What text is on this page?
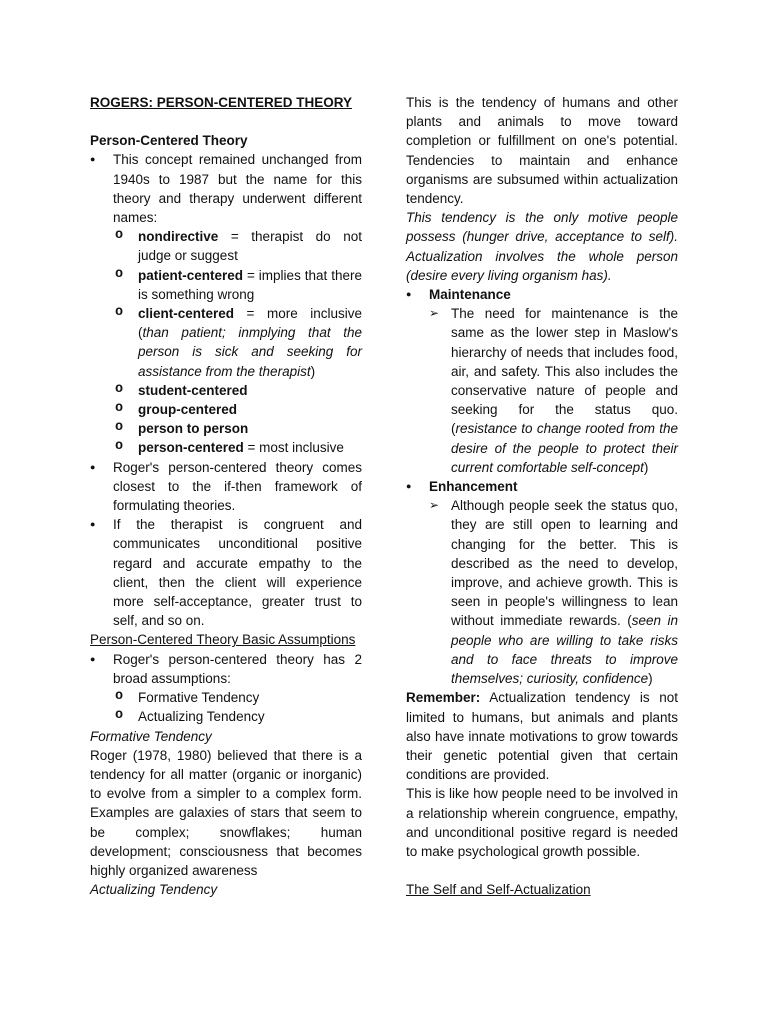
ROGERS: PERSON-CENTERED THEORY

Person-Centered Theory

● This concept remained unchanged from 1940s to 1987 but the name for this theory and therapy underwent different names:
o nondirective = therapist do not judge or suggest
o patient-centered = implies that there is something wrong
o client-centered = more inclusive (than patient; inmplying that the person is sick and seeking for assistance from the therapist)
o student-centered
o group-centered
o person to person
o person-centered = most inclusive
● Roger's person-centered theory comes closest to the if-then framework of formulating theories.
● If the therapist is congruent and communicates unconditional positive regard and accurate empathy to the client, then the client will experience more self-acceptance, greater trust to self, and so on.

Person-Centered Theory Basic Assumptions

● Roger's person-centered theory has 2 broad assumptions:
o Formative Tendency
o Actualizing Tendency

Formative Tendency

Roger (1978, 1980) believed that there is a tendency for all matter (organic or inorganic) to evolve from a simpler to a complex form. Examples are galaxies of stars that seem to be complex; snowflakes; human development; consciousness that becomes highly organized awareness

Actualizing Tendency

This is the tendency of humans and other plants and animals to move toward completion or fulfillment on one's potential. Tendencies to maintain and enhance organisms are subsumed within actualization tendency.

This tendency is the only motive people possess (hunger drive, acceptance to self). Actualization involves the whole person (desire every living organism has).

● Maintenance
➢ The need for maintenance is the same as the lower step in Maslow's hierarchy of needs that includes food, air, and safety. This also includes the conservative nature of people and seeking for the status quo. (resistance to change rooted from the desire of the people to protect their current comfortable self-concept)
● Enhancement
➢ Although people seek the status quo, they are still open to learning and changing for the better. This is described as the need to develop, improve, and achieve growth. This is seen in people's willingness to lean without immediate rewards. (seen in people who are willing to take risks and to face threats to improve themselves; curiosity, confidence)

Remember: Actualization tendency is not limited to humans, but animals and plants also have innate motivations to grow towards their genetic potential given that certain conditions are provided.

This is like how people need to be involved in a relationship wherein congruence, empathy, and unconditional positive regard is needed to make psychological growth possible.

The Self and Self-Actualization
